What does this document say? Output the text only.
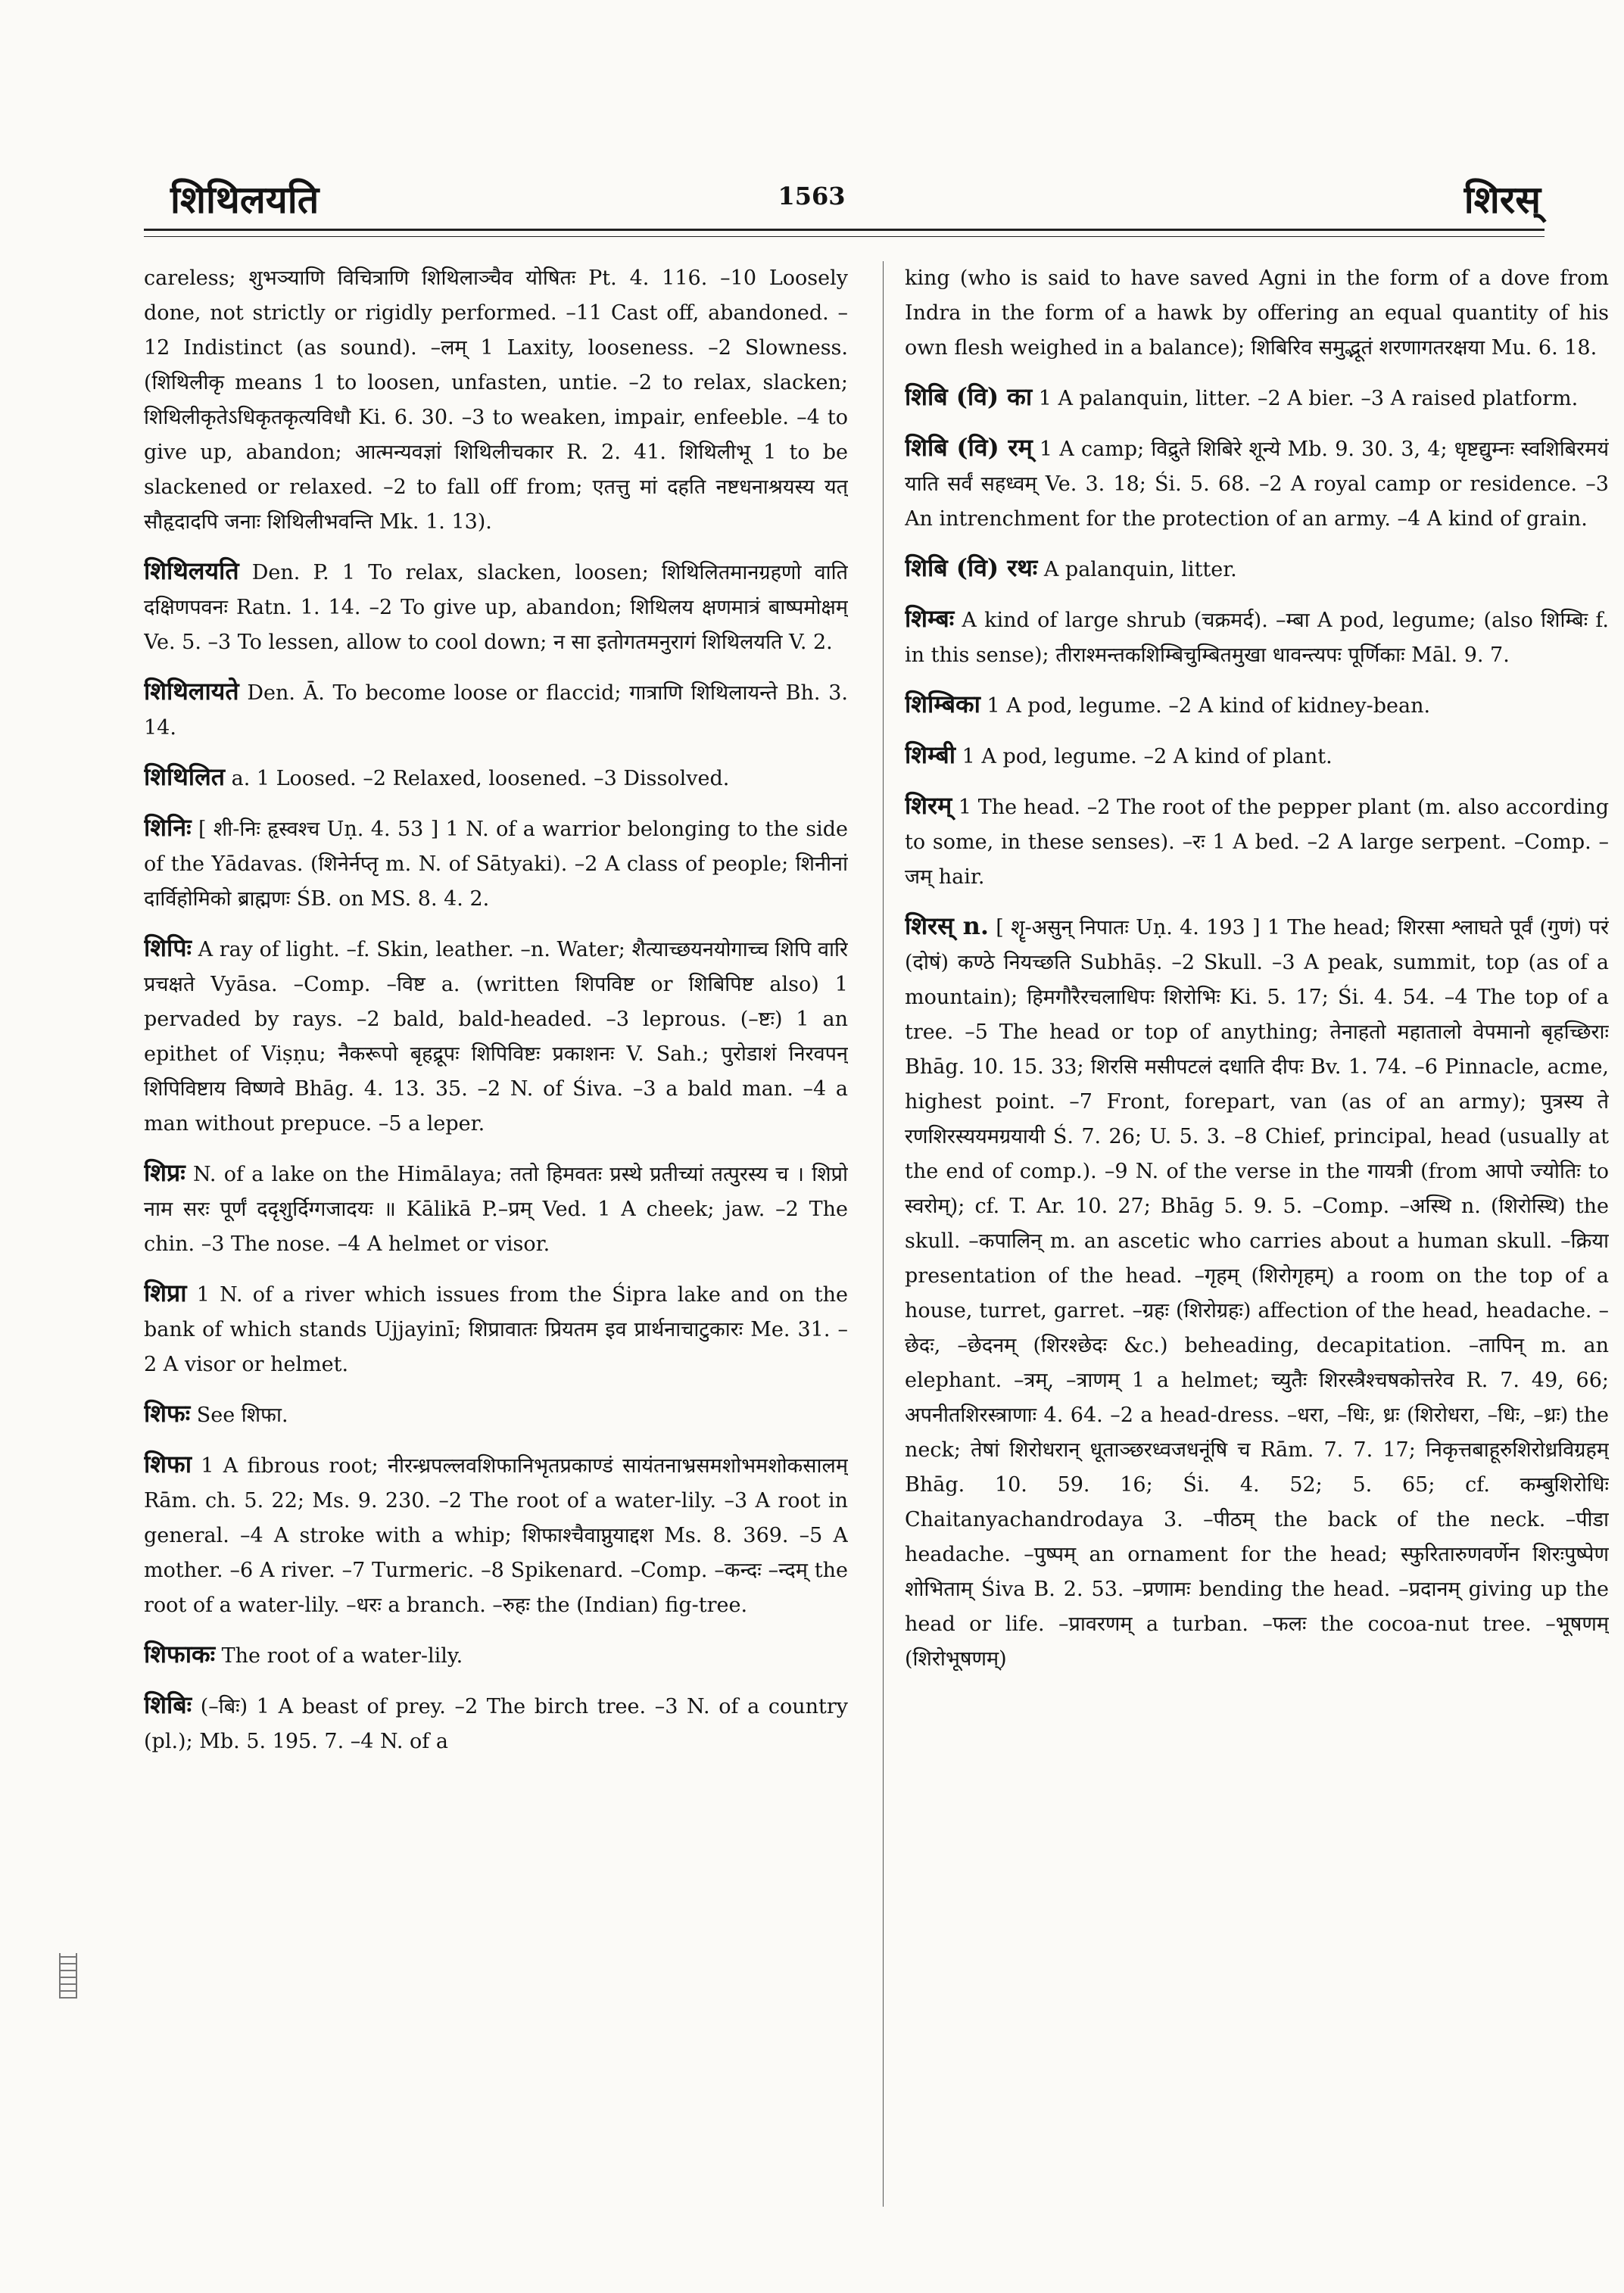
शिथिलयति	1563	शिरस्

careless; शुभञ्याणि विचित्राणि शिथिलाञ्चैव योषितः Pt. 4. 116. –10 Loosely done, not strictly or rigidly performed. –11 Cast off, abandoned. –12 Indistinct (as sound). –लम् 1 Laxity, looseness. –2 Slowness. (शिथिलीकृ means 1 to loosen, unfasten, untie. –2 to relax, slacken; शिथिलीकृतेऽधिकृतकृत्यविधौ Ki. 6. 30. –3 to weaken, impair, enfeeble. –4 to give up, abandon; आत्मन्यवज्ञां शिथिलीचकार R. 2. 41. शिथिलीभू 1 to be slackened or relaxed. –2 to fall off from; एतत्तु मां दहति नष्टधनाश्रयस्य यत् सौहृदादपि जनाः शिथिलीभवन्ति Mk. 1. 13).

शिथिलयति Den. P. 1 To relax, slacken, loosen; शिथिलितमानग्रहणो वाति दक्षिणपवनः Ratn. 1. 14. –2 To give up, abandon; शिथिलय क्षणमात्रं बाष्पमोक्षम् Ve. 5. –3 To lessen, allow to cool down; न सा इतोगतमनुरागं शिथिलयति V. 2.

शिथिलायते Den. Ā. To become loose or flaccid; गात्राणि शिथिलायन्ते Bh. 3. 14.

शिथिलित a. 1 Loosed. –2 Relaxed, loosened. –3 Dissolved.

शिनिः [ शी-निः हृस्वश्च Uṇ. 4. 53 ] 1 N. of a warrior belonging to the side of the Yādavas. (शिनेर्नप्तृ m. N. of Sātyaki). –2 A class of people; शिनीनां दार्विहोमिको ब्राह्मणः ŚB. on MS. 8. 4. 2.

शिपिः A ray of light. –f. Skin, leather. –n. Water; शैत्याच्छयनयोगाच्च शिपि वारि प्रचक्षते Vyāsa. –Comp. –विष्ट a. (written शिपविष्ट or शिबिपिष्ट also) 1 pervaded by rays. –2 bald, bald-headed. –3 leprous. (–ष्टः) 1 an epithet of Viṣṇu; नैकरूपो बृहद्रूपः शिपिविष्टः प्रकाशनः V. Sah.; पुरोडाशं निरवपन् शिपिविष्टाय विष्णवे Bhāg. 4. 13. 35. –2 N. of Śiva. –3 a bald man. –4 a man without prepuce. –5 a leper.

शिप्रः N. of a lake on the Himālaya; ततो हिमवतः प्रस्थे प्रतीच्यां तत्पुरस्य च । शिप्रो नाम सरः पूर्णं ददृशुर्दिग्गजादयः ॥ Kālikā P.–प्रम् Ved. 1 A cheek; jaw. –2 The chin. –3 The nose. –4 A helmet or visor.

शिप्रा 1 N. of a river which issues from the Śipra lake and on the bank of which stands Ujjayinī; शिप्रावातः प्रियतम इव प्रार्थनाचाटुकारः Me. 31. –2 A visor or helmet.

शिफः See शिफा.

शिफा 1 A fibrous root; नीरन्ध्रपल्लवशिफानिभृतप्रकाण्डं सायंतनाभ्रसमशोभमशोकसालम् Rām. ch. 5. 22; Ms. 9. 230. –2 The root of a water-lily. –3 A root in general. –4 A stroke with a whip; शिफाश्चैवाप्नुयाद्दश Ms. 8. 369. –5 A mother. –6 A river. –7 Turmeric. –8 Spikenard. –Comp. –कन्दः –न्दम् the root of a water-lily. –धरः a branch. –रुहः the (Indian) fig-tree.

शिफाकः The root of a water-lily.

शिबिः (–बिः) 1 A beast of prey. –2 The birch tree. –3 N. of a country (pl.); Mb. 5. 195. 7. –4 N. of a

king (who is said to have saved Agni in the form of a dove from Indra in the form of a hawk by offering an equal quantity of his own flesh weighed in a balance); शिबिरिव समुद्भूतं शरणागतरक्षया Mu. 6. 18.

शिबि (वि) का 1 A palanquin, litter. –2 A bier. –3 A raised platform.

शिबि (वि) रम् 1 A camp; विद्रुते शिबिरे शून्ये Mb. 9. 30. 3, 4; धृष्टद्युम्नः स्वशिबिरमयं याति सर्वं सहध्वम् Ve. 3. 18; Śi. 5. 68. –2 A royal camp or residence. –3 An intrenchment for the protection of an army. –4 A kind of grain.

शिबि (वि) रथः A palanquin, litter.

शिम्बः A kind of large shrub (चक्रमर्द). –म्बा A pod, legume; (also शिम्बिः f. in this sense); तीराश्मन्तकशिम्बिचुम्बितमुखा धावन्त्यपः पूर्णिकाः Māl. 9. 7.

शिम्बिका 1 A pod, legume. –2 A kind of kidney-bean.

शिम्बी 1 A pod, legume. –2 A kind of plant.

शिरम् 1 The head. –2 The root of the pepper plant (m. also according to some, in these senses). –रः 1 A bed. –2 A large serpent. –Comp. –जम् hair.

शिरस् n. [ शॄ-असुन् निपातः Uṇ. 4. 193 ] 1 The head; शिरसा श्लाघते पूर्वं (गुणं) परं (दोषं) कण्ठे नियच्छति Subhāṣ. –2 Skull. –3 A peak, summit, top (as of a mountain); हिमगौरैरचलाधिपः शिरोभिः Ki. 5. 17; Śi. 4. 54. –4 The top of a tree. –5 The head or top of anything; तेनाहतो महातालो वेपमानो बृहच्छिराः Bhāg. 10. 15. 33; शिरसि मसीपटलं दधाति दीपः Bv. 1. 74. –6 Pinnacle, acme, highest point. –7 Front, forepart, van (as of an army); पुत्रस्य ते रणशिरस्ययमग्रयायी Ś. 7. 26; U. 5. 3. –8 Chief, principal, head (usually at the end of comp.). –9 N. of the verse in the गायत्री (from आपो ज्योतिः to स्वरोम्); cf. T. Ar. 10. 27; Bhāg 5. 9. 5. –Comp. –अस्थि n. (शिरोस्थि) the skull. –कपालिन् m. an ascetic who carries about a human skull. –क्रिया presentation of the head. –गृहम् (शिरोगृहम्) a room on the top of a house, turret, garret. –ग्रहः (शिरोग्रहः) affection of the head, headache. –छेदः, –छेदनम् (शिरश्छेदः &c.) beheading, decapitation. –तापिन् m. an elephant. –त्रम्, –त्राणम् 1 a helmet; च्युतैः शिरस्त्रैश्चषकोत्तरेव R. 7. 49, 66; अपनीतशिरस्त्राणाः 4. 64. –2 a head-dress. –धरा, –धिः, ध्रः (शिरोधरा, –धिः, –ध्रः) the neck; तेषां शिरोधरान् धूताञ्छरध्वजधनूंषि च Rām. 7. 7. 17; निकृत्तबाहूरुशिरोध्रविग्रहम् Bhāg. 10. 59. 16; Śi. 4. 52; 5. 65; cf. कम्बुशिरोधिः Chaitanyachandrodaya 3. –पीठम् the back of the neck. –पीडा headache. –पुष्पम् an ornament for the head; स्फुरितारुणवर्णेन शिरःपुष्पेण शोभिताम् Śiva B. 2. 53. –प्रणामः bending the head. –प्रदानम् giving up the head or life. –प्रावरणम् a turban. –फलः the cocoa-nut tree. –भूषणम् (शिरोभूषणम्)
